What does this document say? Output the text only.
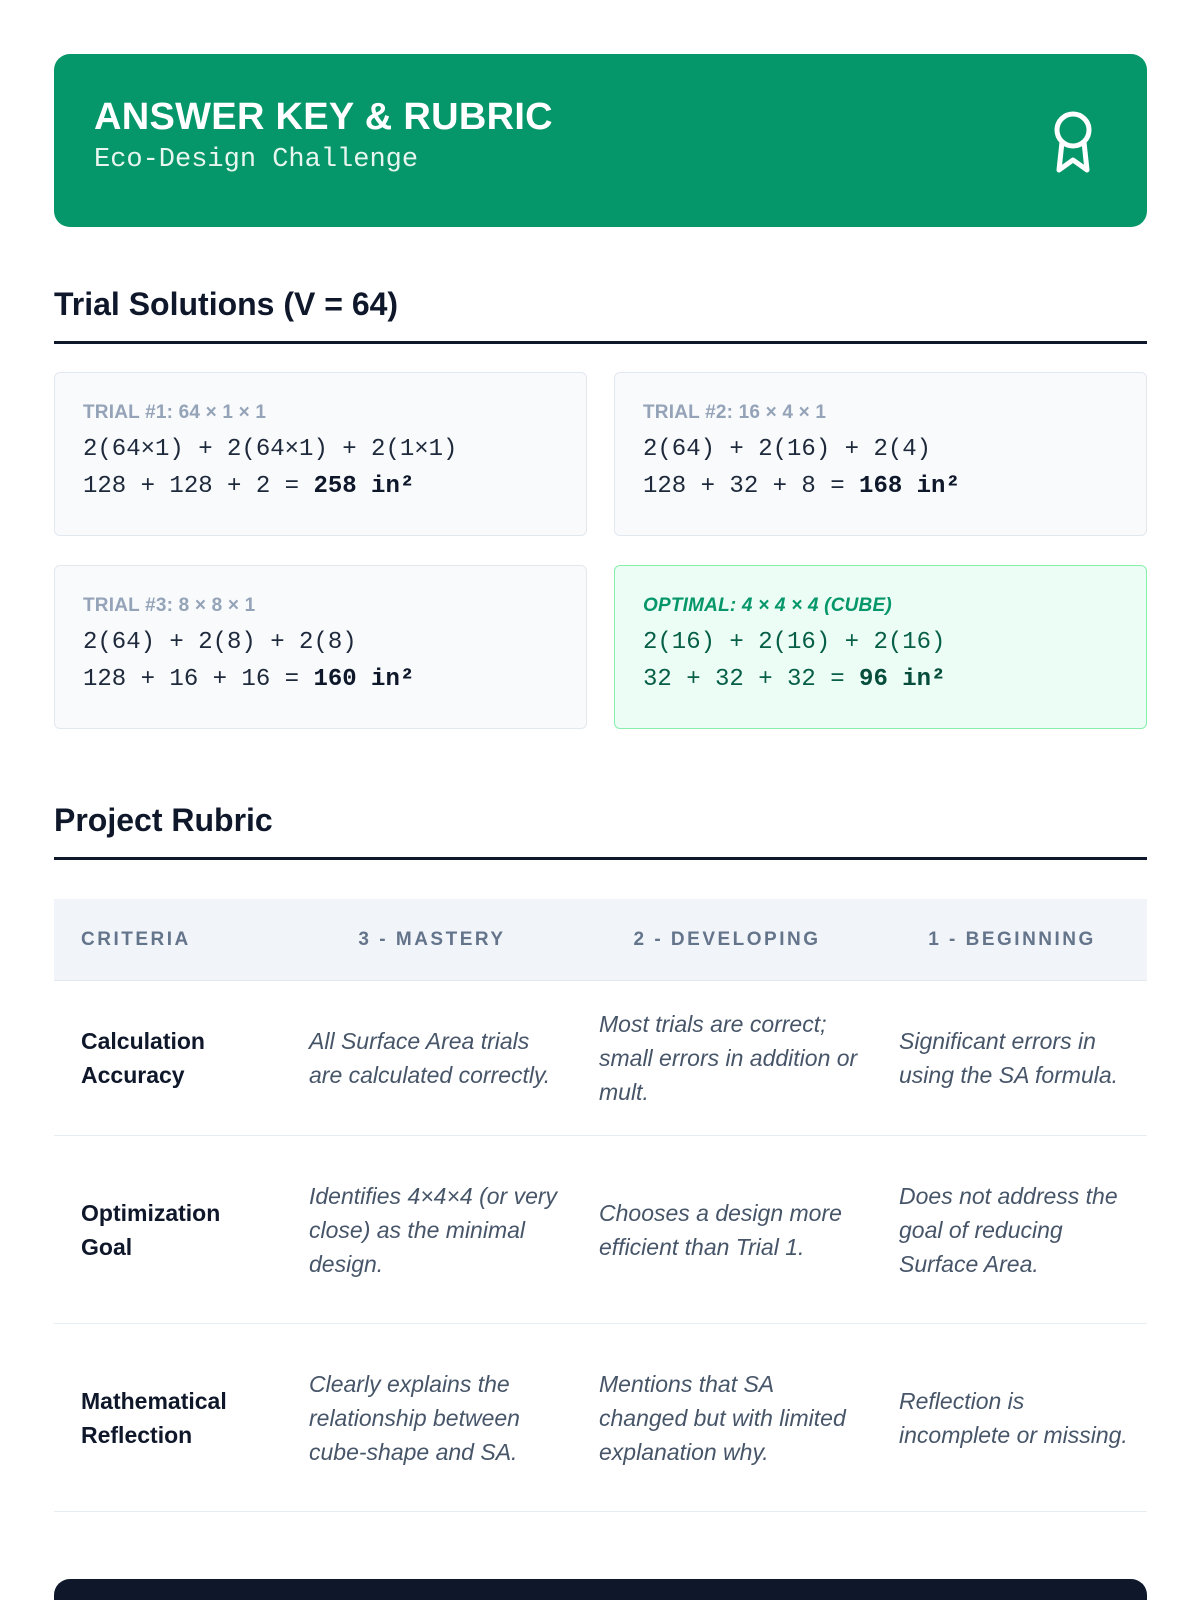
ANSWER KEY & RUBRIC
Eco-Design Challenge
Trial Solutions (V = 64)
TRIAL #1: 64 × 1 × 1
2(64×1) + 2(64×1) + 2(1×1)
128 + 128 + 2 = 258 in²
TRIAL #2: 16 × 4 × 1
2(64) + 2(16) + 2(4)
128 + 32 + 8 = 168 in²
TRIAL #3: 8 × 8 × 1
2(64) + 2(8) + 2(8)
128 + 16 + 16 = 160 in²
OPTIMAL: 4 × 4 × 4 (CUBE)
2(16) + 2(16) + 2(16)
32 + 32 + 32 = 96 in²
Project Rubric
CRITERIA	3 - MASTERY	2 - DEVELOPING	1 - BEGINNING
Calculation Accuracy	All Surface Area trials are calculated correctly.	Most trials are correct; small errors in addition or mult.	Significant errors in using the SA formula.
Optimization Goal	Identifies 4×4×4 (or very close) as the minimal design.	Chooses a design more efficient than Trial 1.	Does not address the goal of reducing Surface Area.
Mathematical Reflection	Clearly explains the relationship between cube-shape and SA.	Mentions that SA changed but with limited explanation why.	Reflection is incomplete or missing.
